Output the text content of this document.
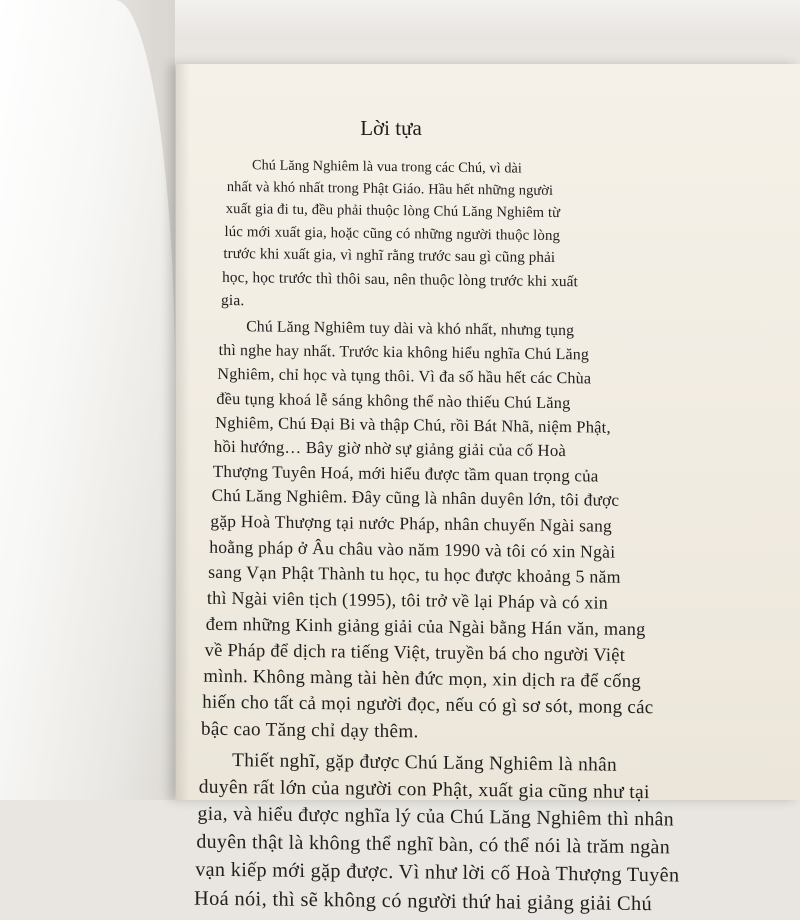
Lời tựa
Chú Lăng Nghiêm là vua trong các Chú, vì dài
nhất và khó nhất trong Phật Giáo. Hầu hết những người
xuất gia đi tu, đều phải thuộc lòng Chú Lăng Nghiêm từ
lúc mới xuất gia, hoặc cũng có những người thuộc lòng
trước khi xuất gia, vì nghĩ rằng trước sau gì cũng phải
học, học trước thì thôi sau, nên thuộc lòng trước khi xuất
gia.
Chú Lăng Nghiêm tuy dài và khó nhất, nhưng tụng
thì nghe hay nhất. Trước kia không hiểu nghĩa Chú Lăng
Nghiêm, chỉ học và tụng thôi. Vì đa số hầu hết các Chùa
đều tụng khoá lễ sáng không thể nào thiếu Chú Lăng
Nghiêm, Chú Đại Bi và thập Chú, rồi Bát Nhã, niệm Phật,
hồi hướng… Bây giờ nhờ sự giảng giải của cố Hoà
Thượng Tuyên Hoá, mới hiểu được tầm quan trọng của
Chú Lăng Nghiêm. Đây cũng là nhân duyên lớn, tôi được
gặp Hoà Thượng tại nước Pháp, nhân chuyến Ngài sang
hoằng pháp ở Âu châu vào năm 1990 và tôi có xin Ngài
sang Vạn Phật Thành tu học, tu học được khoảng 5 năm
thì Ngài viên tịch (1995), tôi trở về lại Pháp và có xin
đem những Kinh giảng giải của Ngài bằng Hán văn, mang
về Pháp để dịch ra tiếng Việt, truyền bá cho người Việt
mình. Không màng tài hèn đức mọn, xin dịch ra để cống
hiến cho tất cả mọi người đọc, nếu có gì sơ sót, mong các
bậc cao Tăng chỉ dạy thêm.
Thiết nghĩ, gặp được Chú Lăng Nghiêm là nhân
duyên rất lớn của người con Phật, xuất gia cũng như tại
gia, và hiểu được nghĩa lý của Chú Lăng Nghiêm thì nhân
duyên thật là không thể nghĩ bàn, có thể nói là trăm ngàn
vạn kiếp mới gặp được. Vì như lời cố Hoà Thượng Tuyên
Hoá nói, thì sẽ không có người thứ hai giảng giải Chú
